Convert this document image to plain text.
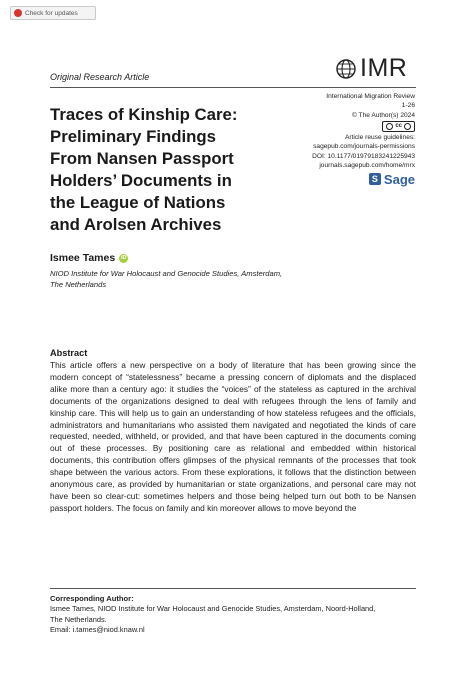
Check for updates
Original Research Article	IMR
International Migration Review
1-26
© The Author(s) 2024
cc
Article reuse guidelines:
sagepub.com/journals-permissions
DOI: 10.1177/01979183241225943
journals.sagepub.com/home/mrx
S Sage
Traces of Kinship Care:
Preliminary Findings
From Nansen Passport
Holders’ Documents in
the League of Nations
and Arolsen Archives
Ismee Tames	iD
NIOD Institute for War Holocaust and Genocide Studies, Amsterdam,
The Netherlands
Abstract

This article offers a new perspective on a body of literature that has been growing since the modern concept of “statelessness” became a pressing concern of diplomats and the displaced alike more than a century ago: it studies the “voices” of the stateless as captured in the archival documents of the organizations designed to deal with refugees through the lens of family and kinship care. This will help us to gain an understanding of how stateless refugees and the officials, administrators and humanitarians who assisted them navigated and negotiated the kinds of care requested, needed, withheld, or provided, and that have been captured in the documents coming out of these processes. By positioning care as relational and embedded within historical documents, this contribution offers glimpses of the physical remnants of the processes that took shape between the various actors. From these explorations, it follows that the distinction between anonymous care, as provided by humanitarian or state organizations, and personal care may not have been so clear-cut: sometimes helpers and those being helped turn out both to be Nansen passport holders. The focus on family and kin moreover allows to move beyond the

Corresponding Author:
Ismee Tames, NIOD Institute for War Holocaust and Genocide Studies, Amsterdam, Noord-Holland,
The Netherlands.
Email: i.tames@niod.knaw.nl
